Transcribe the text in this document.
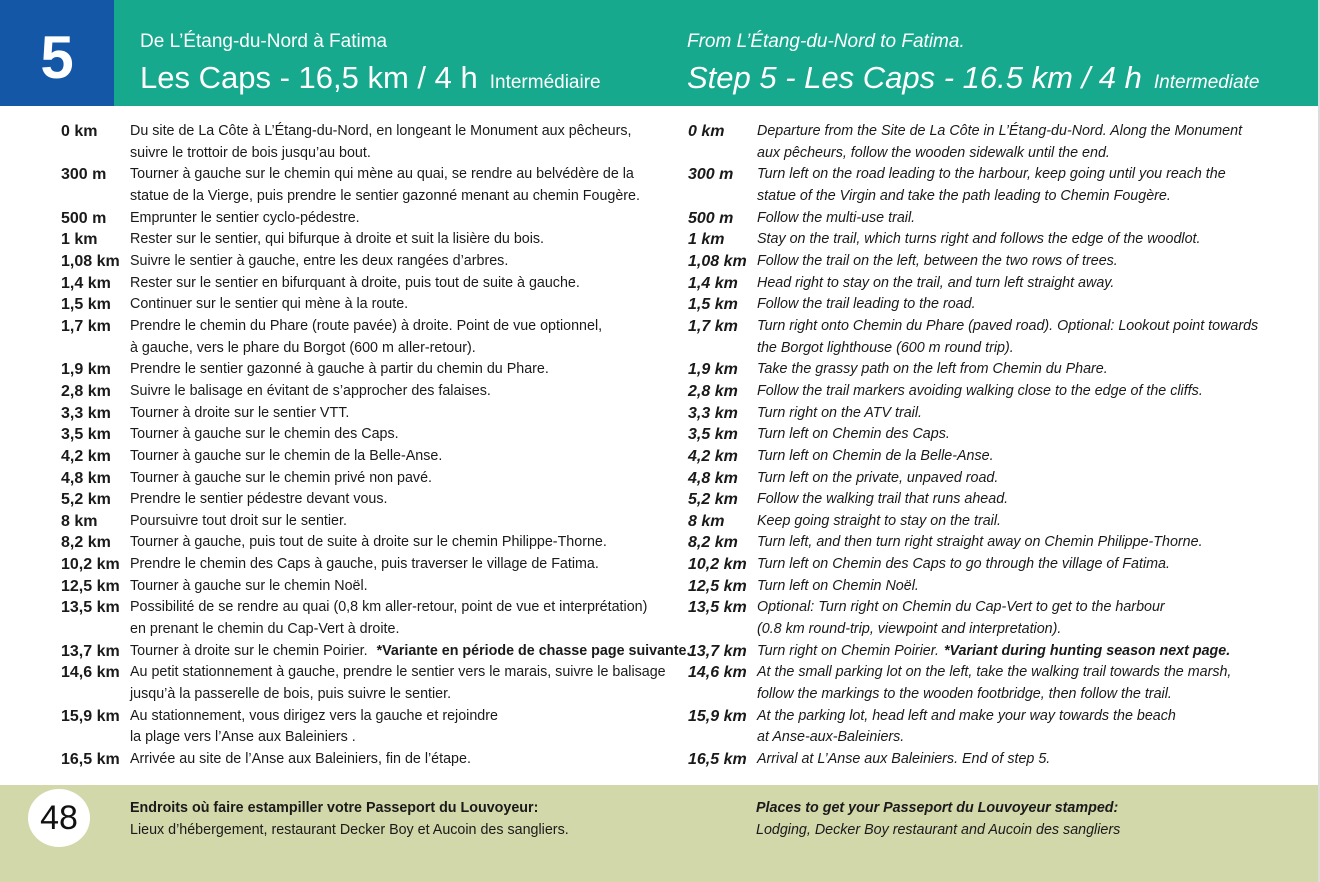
5	De L’Étang-du-Nord à Fatima
Les Caps - 16,5 km / 4 h Intermédiaire
From L’Étang-du-Nord to Fatima.
Step 5 - Les Caps - 16.5 km / 4 h Intermediate
0 km	Du site de La Côte à L’Étang-du-Nord, en longeant le Monument aux pêcheurs,
suivre le trottoir de bois jusqu’au bout.
300 m	Tourner à gauche sur le chemin qui mène au quai, se rendre au belvédère de la
statue de la Vierge, puis prendre le sentier gazonné menant au chemin Fougère.
500 m	Emprunter le sentier cyclo-pédestre.
1 km	Rester sur le sentier, qui bifurque à droite et suit la lisière du bois.
1,08 km Suivre le sentier à gauche, entre les deux rangées d’arbres.
1,4 km	Rester sur le sentier en bifurquant à droite, puis tout de suite à gauche.
1,5 km	Continuer sur le sentier qui mène à la route.
1,7 km	Prendre le chemin du Phare (route pavée) à droite. Point de vue optionnel,
à gauche, vers le phare du Borgot (600 m aller-retour).
1,9 km	Prendre le sentier gazonné à gauche à partir du chemin du Phare.
2,8 km	Suivre le balisage en évitant de s’approcher des falaises.
3,3 km	Tourner à droite sur le sentier VTT.
3,5 km	Tourner à gauche sur le chemin des Caps.
4,2 km	Tourner à gauche sur le chemin de la Belle-Anse.
4,8 km	Tourner à gauche sur le chemin privé non pavé.
5,2 km	Prendre le sentier pédestre devant vous.
8 km	Poursuivre tout droit sur le sentier.
8,2 km	Tourner à gauche, puis tout de suite à droite sur le chemin Philippe-Thorne.
10,2 km Prendre le chemin des Caps à gauche, puis traverser le village de Fatima.
12,5 km Tourner à gauche sur le chemin Noël.
13,5 km Possibilité de se rendre au quai (0,8 km aller-retour, point de vue et interprétation)
en prenant le chemin du Cap-Vert à droite.
13,7 km Tourner à droite sur le chemin Poirier. *Variante en période de chasse page suivante.
14,6 km Au petit stationnement à gauche, prendre le sentier vers le marais, suivre le balisage
jusqu’à la passerelle de bois, puis suivre le sentier.
15,9 km Au stationnement, vous dirigez vers la gauche et rejoindre
la plage vers l’Anse aux Baleiniers .
16,5 km Arrivée au site de l’Anse aux Baleiniers, fin de l’étape.
0 km	Departure from the Site de La Côte in L’Étang-du-Nord. Along the Monument
aux pêcheurs, follow the wooden sidewalk until the end.
300 m	Turn left on the road leading to the harbour, keep going until you reach the
statue of the Virgin and take the path leading to Chemin Fougère.
500 m	Follow the multi-use trail.
1 km	Stay on the trail, which turns right and follows the edge of the woodlot.
1,08 km Follow the trail on the left, between the two rows of trees.
1,4 km	Head right to stay on the trail, and turn left straight away.
1,5 km	Follow the trail leading to the road.
1,7 km	Turn right onto Chemin du Phare (paved road). Optional: Lookout point towards
the Borgot lighthouse (600 m round trip).
1,9 km	Take the grassy path on the left from Chemin du Phare.
2,8 km	Follow the trail markers avoiding walking close to the edge of the cliffs.
3,3 km	Turn right on the ATV trail.
3,5 km	Turn left on Chemin des Caps.
4,2 km	Turn left on Chemin de la Belle-Anse.
4,8 km	Turn left on the private, unpaved road.
5,2 km	Follow the walking trail that runs ahead.
8 km	Keep going straight to stay on the trail.
8,2 km	Turn left, and then turn right straight away on Chemin Philippe-Thorne.
10,2 km Turn left on Chemin des Caps to go through the village of Fatima.
12,5 km Turn left on Chemin Noël.
13,5 km Optional: Turn right on Chemin du Cap-Vert to get to the harbour
(0.8 km round-trip, viewpoint and interpretation).
13,7 km Turn right on Chemin Poirier. *Variant during hunting season next page.
14,6 km At the small parking lot on the left, take the walking trail towards the marsh,
follow the markings to the wooden footbridge, then follow the trail.
15,9 km At the parking lot, head left and make your way towards the beach
at Anse-aux-Baleiniers.
16,5 km Arrival at L’Anse aux Baleiniers. End of step 5.
48	Endroits où faire estampiller votre Passeport du Louvoyeur:
Lieux d’hébergement, restaurant Decker Boy et Aucoin des sangliers.
Places to get your Passeport du Louvoyeur stamped:
Lodging, Decker Boy restaurant and Aucoin des sangliers
